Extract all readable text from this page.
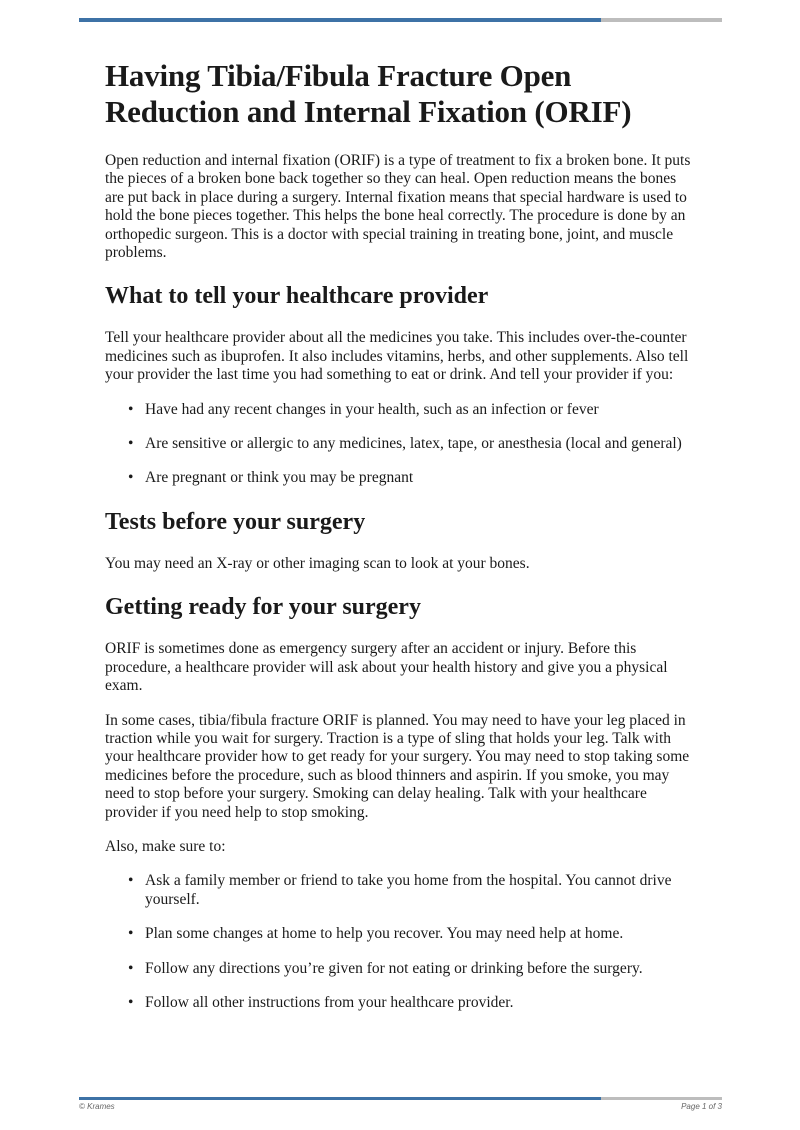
Having Tibia/Fibula Fracture Open Reduction and Internal Fixation (ORIF)

Open reduction and internal fixation (ORIF) is a type of treatment to fix a broken bone. It puts the pieces of a broken bone back together so they can heal. Open reduction means the bones are put back in place during a surgery. Internal fixation means that special hardware is used to hold the bone pieces together. This helps the bone heal correctly. The procedure is done by an orthopedic surgeon. This is a doctor with special training in treating bone, joint, and muscle problems.

What to tell your healthcare provider

Tell your healthcare provider about all the medicines you take. This includes over-the-counter medicines such as ibuprofen. It also includes vitamins, herbs, and other supplements. Also tell your provider the last time you had something to eat or drink. And tell your provider if you:

• Have had any recent changes in your health, such as an infection or fever
• Are sensitive or allergic to any medicines, latex, tape, or anesthesia (local and general)
• Are pregnant or think you may be pregnant
Tests before your surgery

You may need an X-ray or other imaging scan to look at your bones.

Getting ready for your surgery

ORIF is sometimes done as emergency surgery after an accident or injury. Before this procedure, a healthcare provider will ask about your health history and give you a physical exam.

In some cases, tibia/fibula fracture ORIF is planned. You may need to have your leg placed in traction while you wait for surgery. Traction is a type of sling that holds your leg. Talk with your healthcare provider how to get ready for your surgery. You may need to stop taking some medicines before the procedure, such as blood thinners and aspirin. If you smoke, you may need to stop before your surgery. Smoking can delay healing. Talk with your healthcare provider if you need help to stop smoking.

Also, make sure to:

• Ask a family member or friend to take you home from the hospital. You cannot drive yourself.
• Plan some changes at home to help you recover. You may need help at home.
• Follow any directions you’re given for not eating or drinking before the surgery.
• Follow all other instructions from your healthcare provider.
© Krames	Page 1 of 3
